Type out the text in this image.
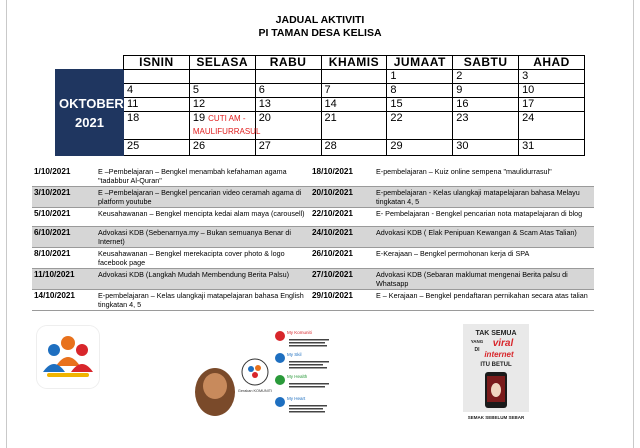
JADUAL AKTIVITI
PI TAMAN DESA KELISA
	ISNIN	SELASA	RABU	KHAMIS	JUMAAT	SABTU	AHAD

OKTOBER
2021					1	2	3
	4	5	6	7	8	9	10
	11	12	13	14	15	16	17
	18	19 CUTI AM - MAULIFURRASUL	20	21	22	23	24
	25	26	27	28	29	30	31
1/10/2021	E –Pembelajaran – Bengkel menambah kefahaman agama "tadabbur Al-Quran"	18/10/2021	E-pembelajaran – Kuiz online sempena "maulidurrasul"
3/10/2021	E –Pembelajaran – Bengkel pencarian video ceramah agama di platform youtube	20/10/2021	E-pembelajaran - Kelas ulangkaji matapelajaran bahasa Melayu tingkatan 4, 5
5/10/2021	Keusahawanan – Bengkel mencipta kedai alam maya (carousell)	22/10/2021	E- Pembelajaran - Bengkel pencarian nota matapelajaran di blog
6/10/2021	Advokasi KDB (Sebenarnya.my – Bukan semuanya Benar di Internet)	24/10/2021	Advokasi KDB ( Elak Penipuan Kewangan & Scam Atas Talian)
8/10/2021	Keusahawanan – Bengkel merekacipta cover photo & logo facebook page	26/10/2021	E-Kerajaan – Bengkel permohonan kerja di SPA
11/10/2021	Advokasi KDB (Langkah Mudah Membendung Berita Palsu)	27/10/2021	Advokasi KDB (Sebaran maklumat mengenai Berita palsu di Whatsapp
14/10/2021	E-pembelajaran – Kelas ulangkaji matapelajaran bahasa English tingkatan 4, 5	29/10/2021	E – Kerajaan – Bengkel pendaftaran pernikahan secara atas talian
My Komuniti
My Skil
My Health
My Heart
Gerakan KOMUNITI
TAK SEMUA
YANG viral
DI internet
ITU BETUL
SEMAK SEBELUM SEBAR
